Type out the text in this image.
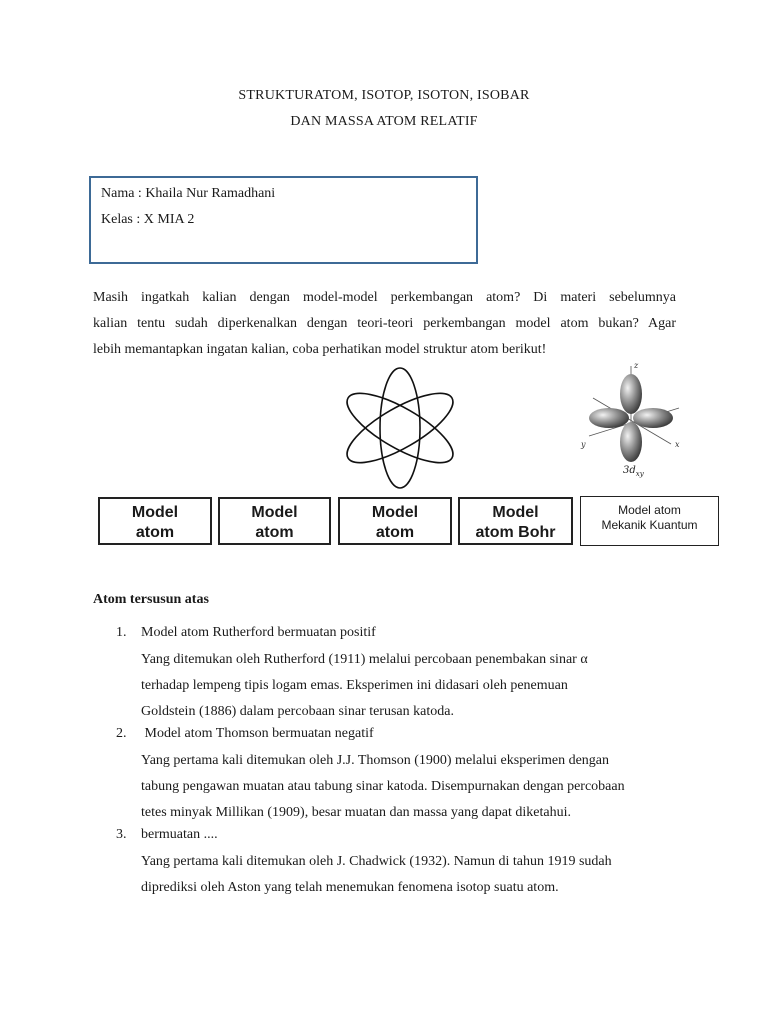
STRUKTURATOM, ISOTOP, ISOTON, ISOBAR
DAN MASSA ATOM RELATIF
Nama : Khaila Nur Ramadhani
Kelas : X MIA 2
Masih ingatkah kalian dengan model-model perkembangan atom? Di materi sebelumnya
kalian tentu sudah diperkenalkan dengan teori-teori perkembangan model atom bukan? Agar
lebih memantapkan ingatan kalian, coba perhatikan model struktur atom berikut!
z
x
y
$3d_{xy}$
Model
atom
Model
atom
Model
atom
Model
atom Bohr
Model atom
Mekanik Kuantum
Atom tersusun atas
1.	Model atom Rutherford bermuatan positif
Yang ditemukan oleh Rutherford (1911) melalui percobaan penembakan sinar α
terhadap lempeng tipis logam emas. Eksperimen ini didasari oleh penemuan
Goldstein (1886) dalam percobaan sinar terusan katoda.
2.	Model atom Thomson bermuatan negatif
Yang pertama kali ditemukan oleh J.J. Thomson (1900) melalui eksperimen dengan
tabung pengawan muatan atau tabung sinar katoda. Disempurnakan dengan percobaan
tetes minyak Millikan (1909), besar muatan dan massa yang dapat diketahui.
3.	bermuatan ....
Yang pertama kali ditemukan oleh J. Chadwick (1932). Namun di tahun 1919 sudah
diprediksi oleh Aston yang telah menemukan fenomena isotop suatu atom.
